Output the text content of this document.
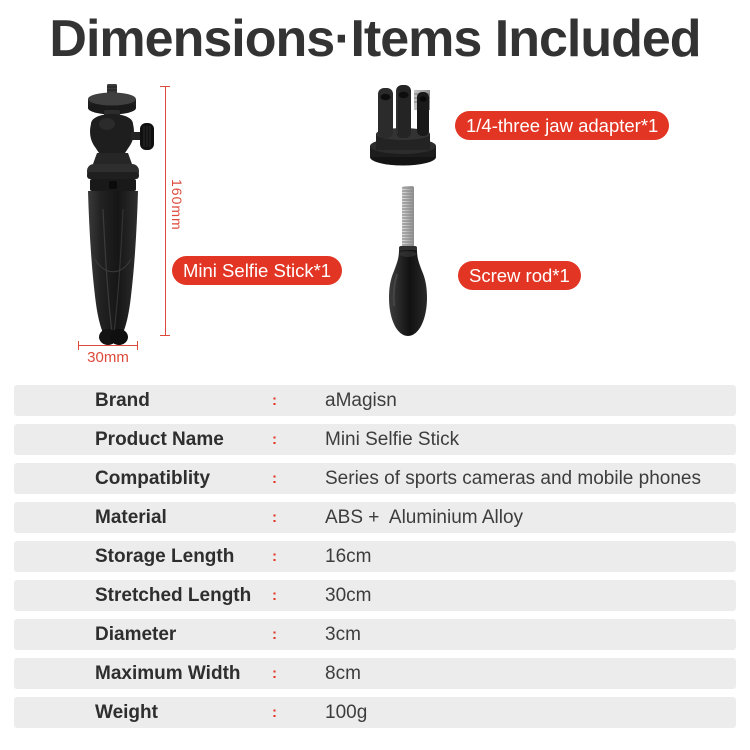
Dimensions·Items Included
160mm
30mm
Mini Selfie Stick*1
1/4-three jaw adapter*1
Screw rod*1
Brand	:	aMagisn
Product Name	:	Mini Selfie Stick
Compatiblity	:	Series of sports cameras and mobile phones
Material	:	ABS +  Aluminium Alloy
Storage Length	:	16cm
Stretched Length	:	30cm
Diameter	:	3cm
Maximum Width	:	8cm
Weight	:	100g
